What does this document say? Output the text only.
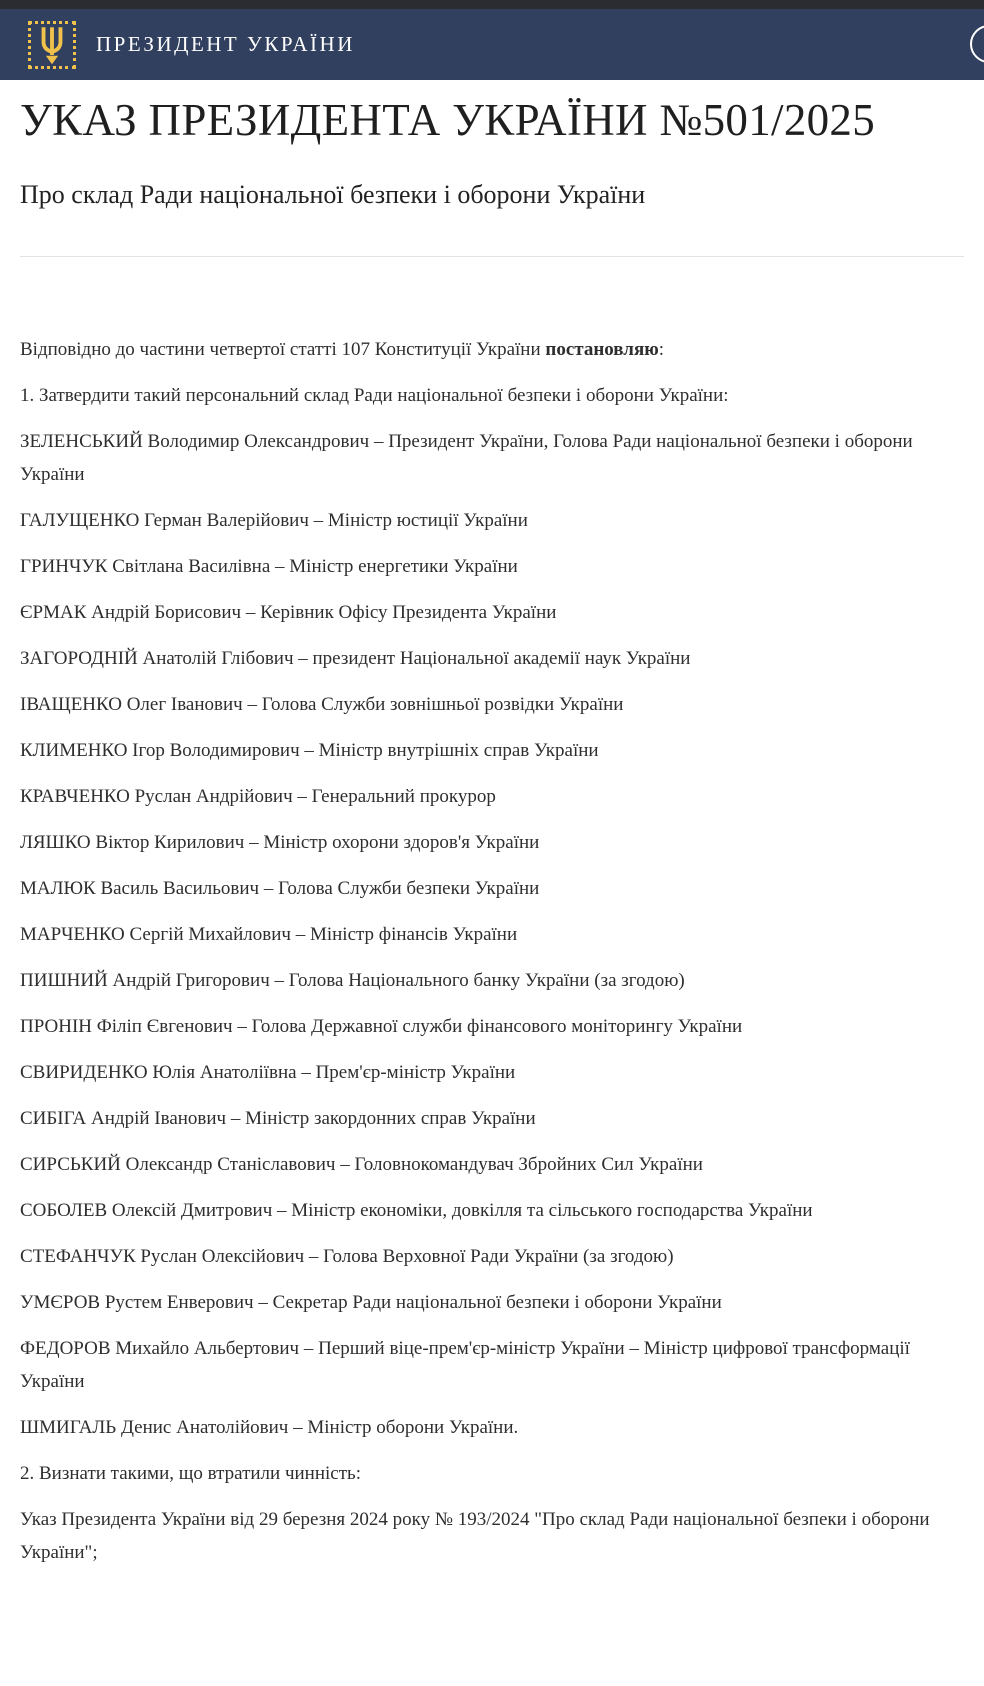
ПРЕЗИДЕНТ УКРАЇНИ
УКАЗ ПРЕЗИДЕНТА УКРАЇНИ №501/2025
Про склад Ради національної безпеки і оборони України

Відповідно до частини четвертої статті 107 Конституції України постановляю:

1. Затвердити такий персональний склад Ради національної безпеки і оборони України:

ЗЕЛЕНСЬКИЙ Володимир Олександрович – Президент України, Голова Ради національної безпеки і оборони України

ГАЛУЩЕНКО Герман Валерійович – Міністр юстиції України

ГРИНЧУК Світлана Василівна – Міністр енергетики України

ЄРМАК Андрій Борисович – Керівник Офісу Президента України

ЗАГОРОДНІЙ Анатолій Глібович – президент Національної академії наук України

ІВАЩЕНКО Олег Іванович – Голова Служби зовнішньої розвідки України

КЛИМЕНКО Ігор Володимирович – Міністр внутрішніх справ України

КРАВЧЕНКО Руслан Андрійович – Генеральний прокурор

ЛЯШКО Віктор Кирилович – Міністр охорони здоров'я України

МАЛЮК Василь Васильович – Голова Служби безпеки України

МАРЧЕНКО Сергій Михайлович – Міністр фінансів України

ПИШНИЙ Андрій Григорович – Голова Національного банку України (за згодою)

ПРОНІН Філіп Євгенович – Голова Державної служби фінансового моніторингу України

СВИРИДЕНКО Юлія Анатоліївна – Прем'єр-міністр України

СИБІГА Андрій Іванович – Міністр закордонних справ України

СИРСЬКИЙ Олександр Станіславович – Головнокомандувач Збройних Сил України

СОБОЛЕВ Олексій Дмитрович – Міністр економіки, довкілля та сільського господарства України

СТЕФАНЧУК Руслан Олексійович – Голова Верховної Ради України (за згодою)

УМЄРОВ Рустем Енверович – Секретар Ради національної безпеки і оборони України

ФЕДОРОВ Михайло Альбертович – Перший віце-прем'єр-міністр України – Міністр цифрової трансформації України

ШМИГАЛЬ Денис Анатолійович – Міністр оборони України.

2. Визнати такими, що втратили чинність:

Указ Президента України від 29 березня 2024 року № 193/2024 "Про склад Ради національної безпеки і оборони України";
